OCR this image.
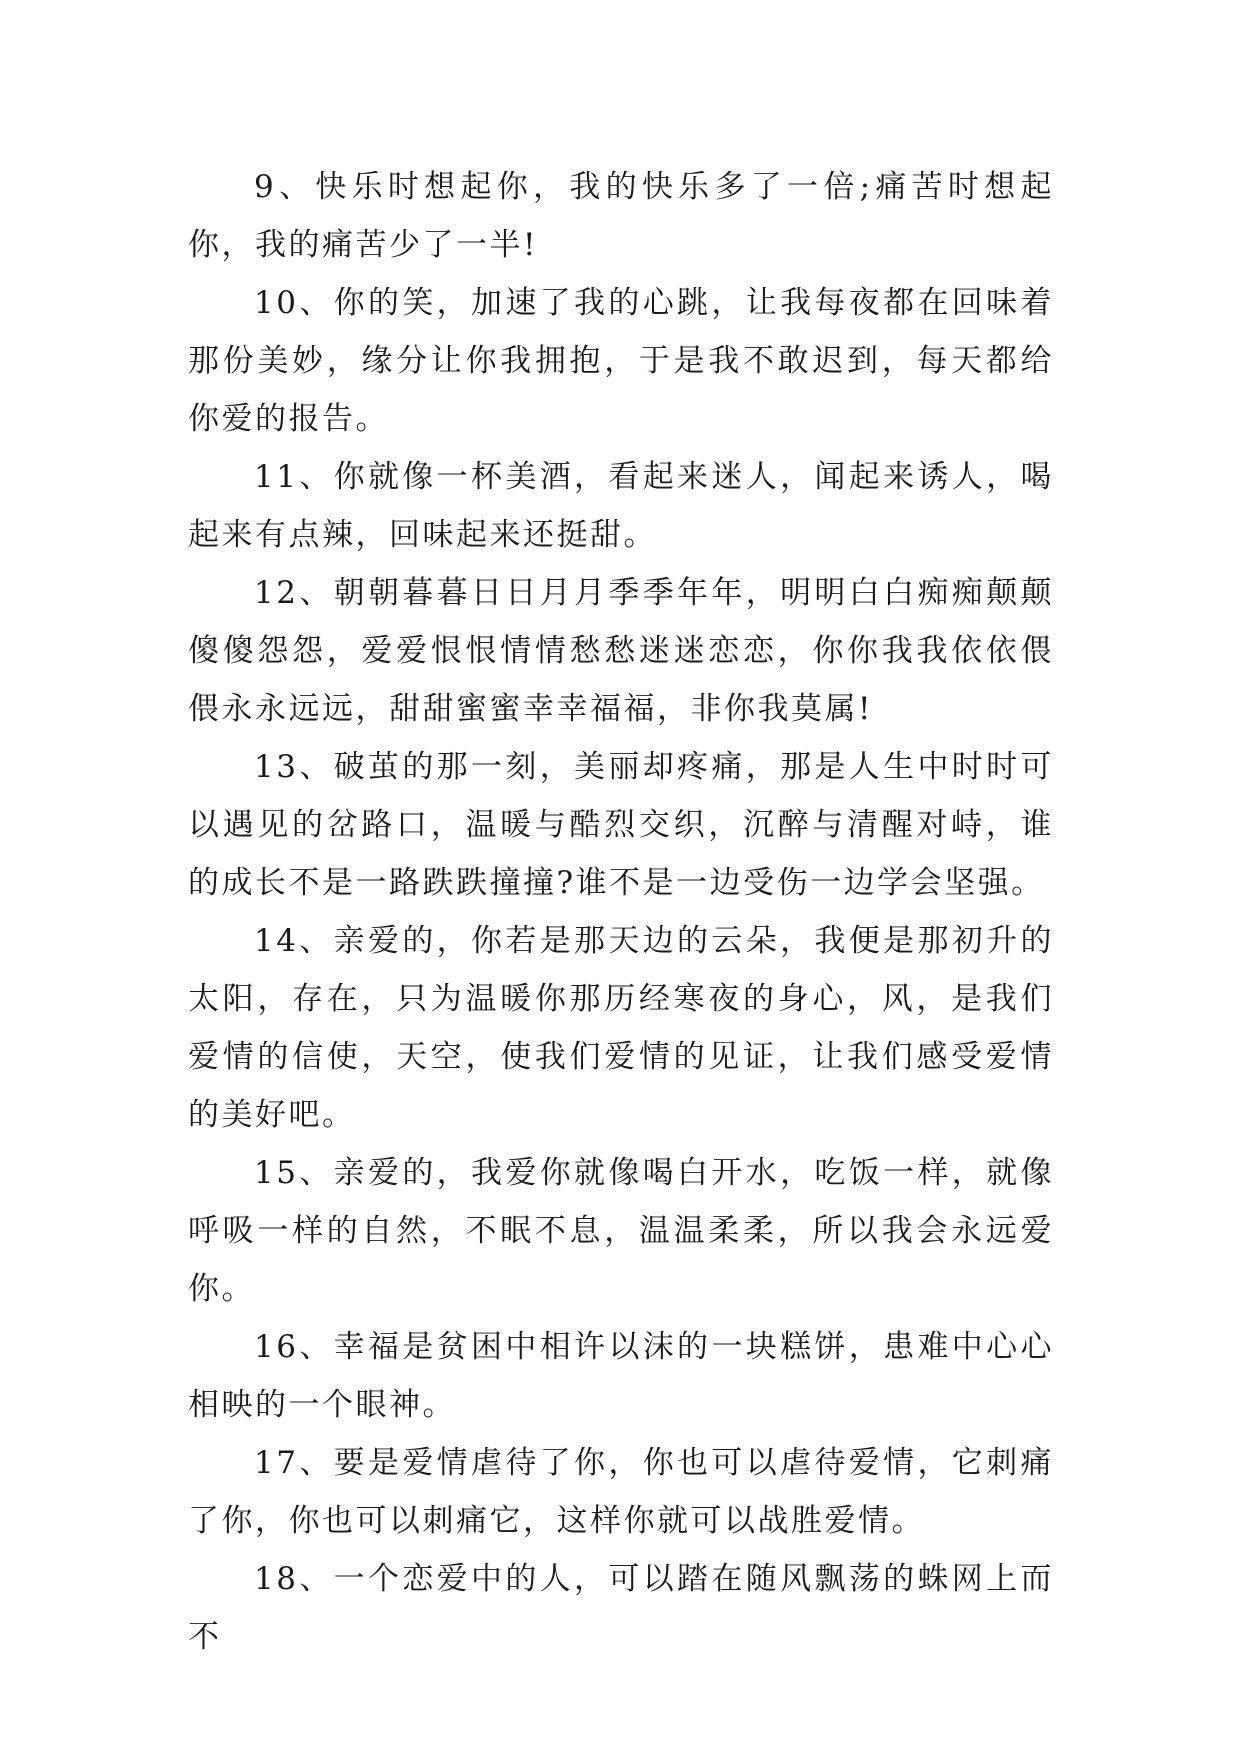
9、快乐时想起你，我的快乐多了一倍;痛苦时想起你，我的痛苦少了一半!

10、你的笑，加速了我的心跳，让我每夜都在回味着那份美妙，缘分让你我拥抱，于是我不敢迟到，每天都给你爱的报告。

11、你就像一杯美酒，看起来迷人，闻起来诱人，喝起来有点辣，回味起来还挺甜。

12、朝朝暮暮日日月月季季年年，明明白白痴痴颠颠傻傻怨怨，爱爱恨恨情情愁愁迷迷恋恋，你你我我依依偎偎永永远远，甜甜蜜蜜幸幸福福，非你我莫属!

13、破茧的那一刻，美丽却疼痛，那是人生中时时可以遇见的岔路口，温暖与酷烈交织，沉醉与清醒对峙，谁的成长不是一路跌跌撞撞?谁不是一边受伤一边学会坚强。

14、亲爱的，你若是那天边的云朵，我便是那初升的太阳，存在，只为温暖你那历经寒夜的身心，风，是我们爱情的信使，天空，使我们爱情的见证，让我们感受爱情的美好吧。

15、亲爱的，我爱你就像喝白开水，吃饭一样，就像呼吸一样的自然，不眠不息，温温柔柔，所以我会永远爱你。

16、幸福是贫困中相许以沫的一块糕饼，患难中心心相映的一个眼神。

17、要是爱情虐待了你，你也可以虐待爱情，它刺痛了你，你也可以刺痛它，这样你就可以战胜爱情。

18、一个恋爱中的人，可以踏在随风飘荡的蛛网上而不
